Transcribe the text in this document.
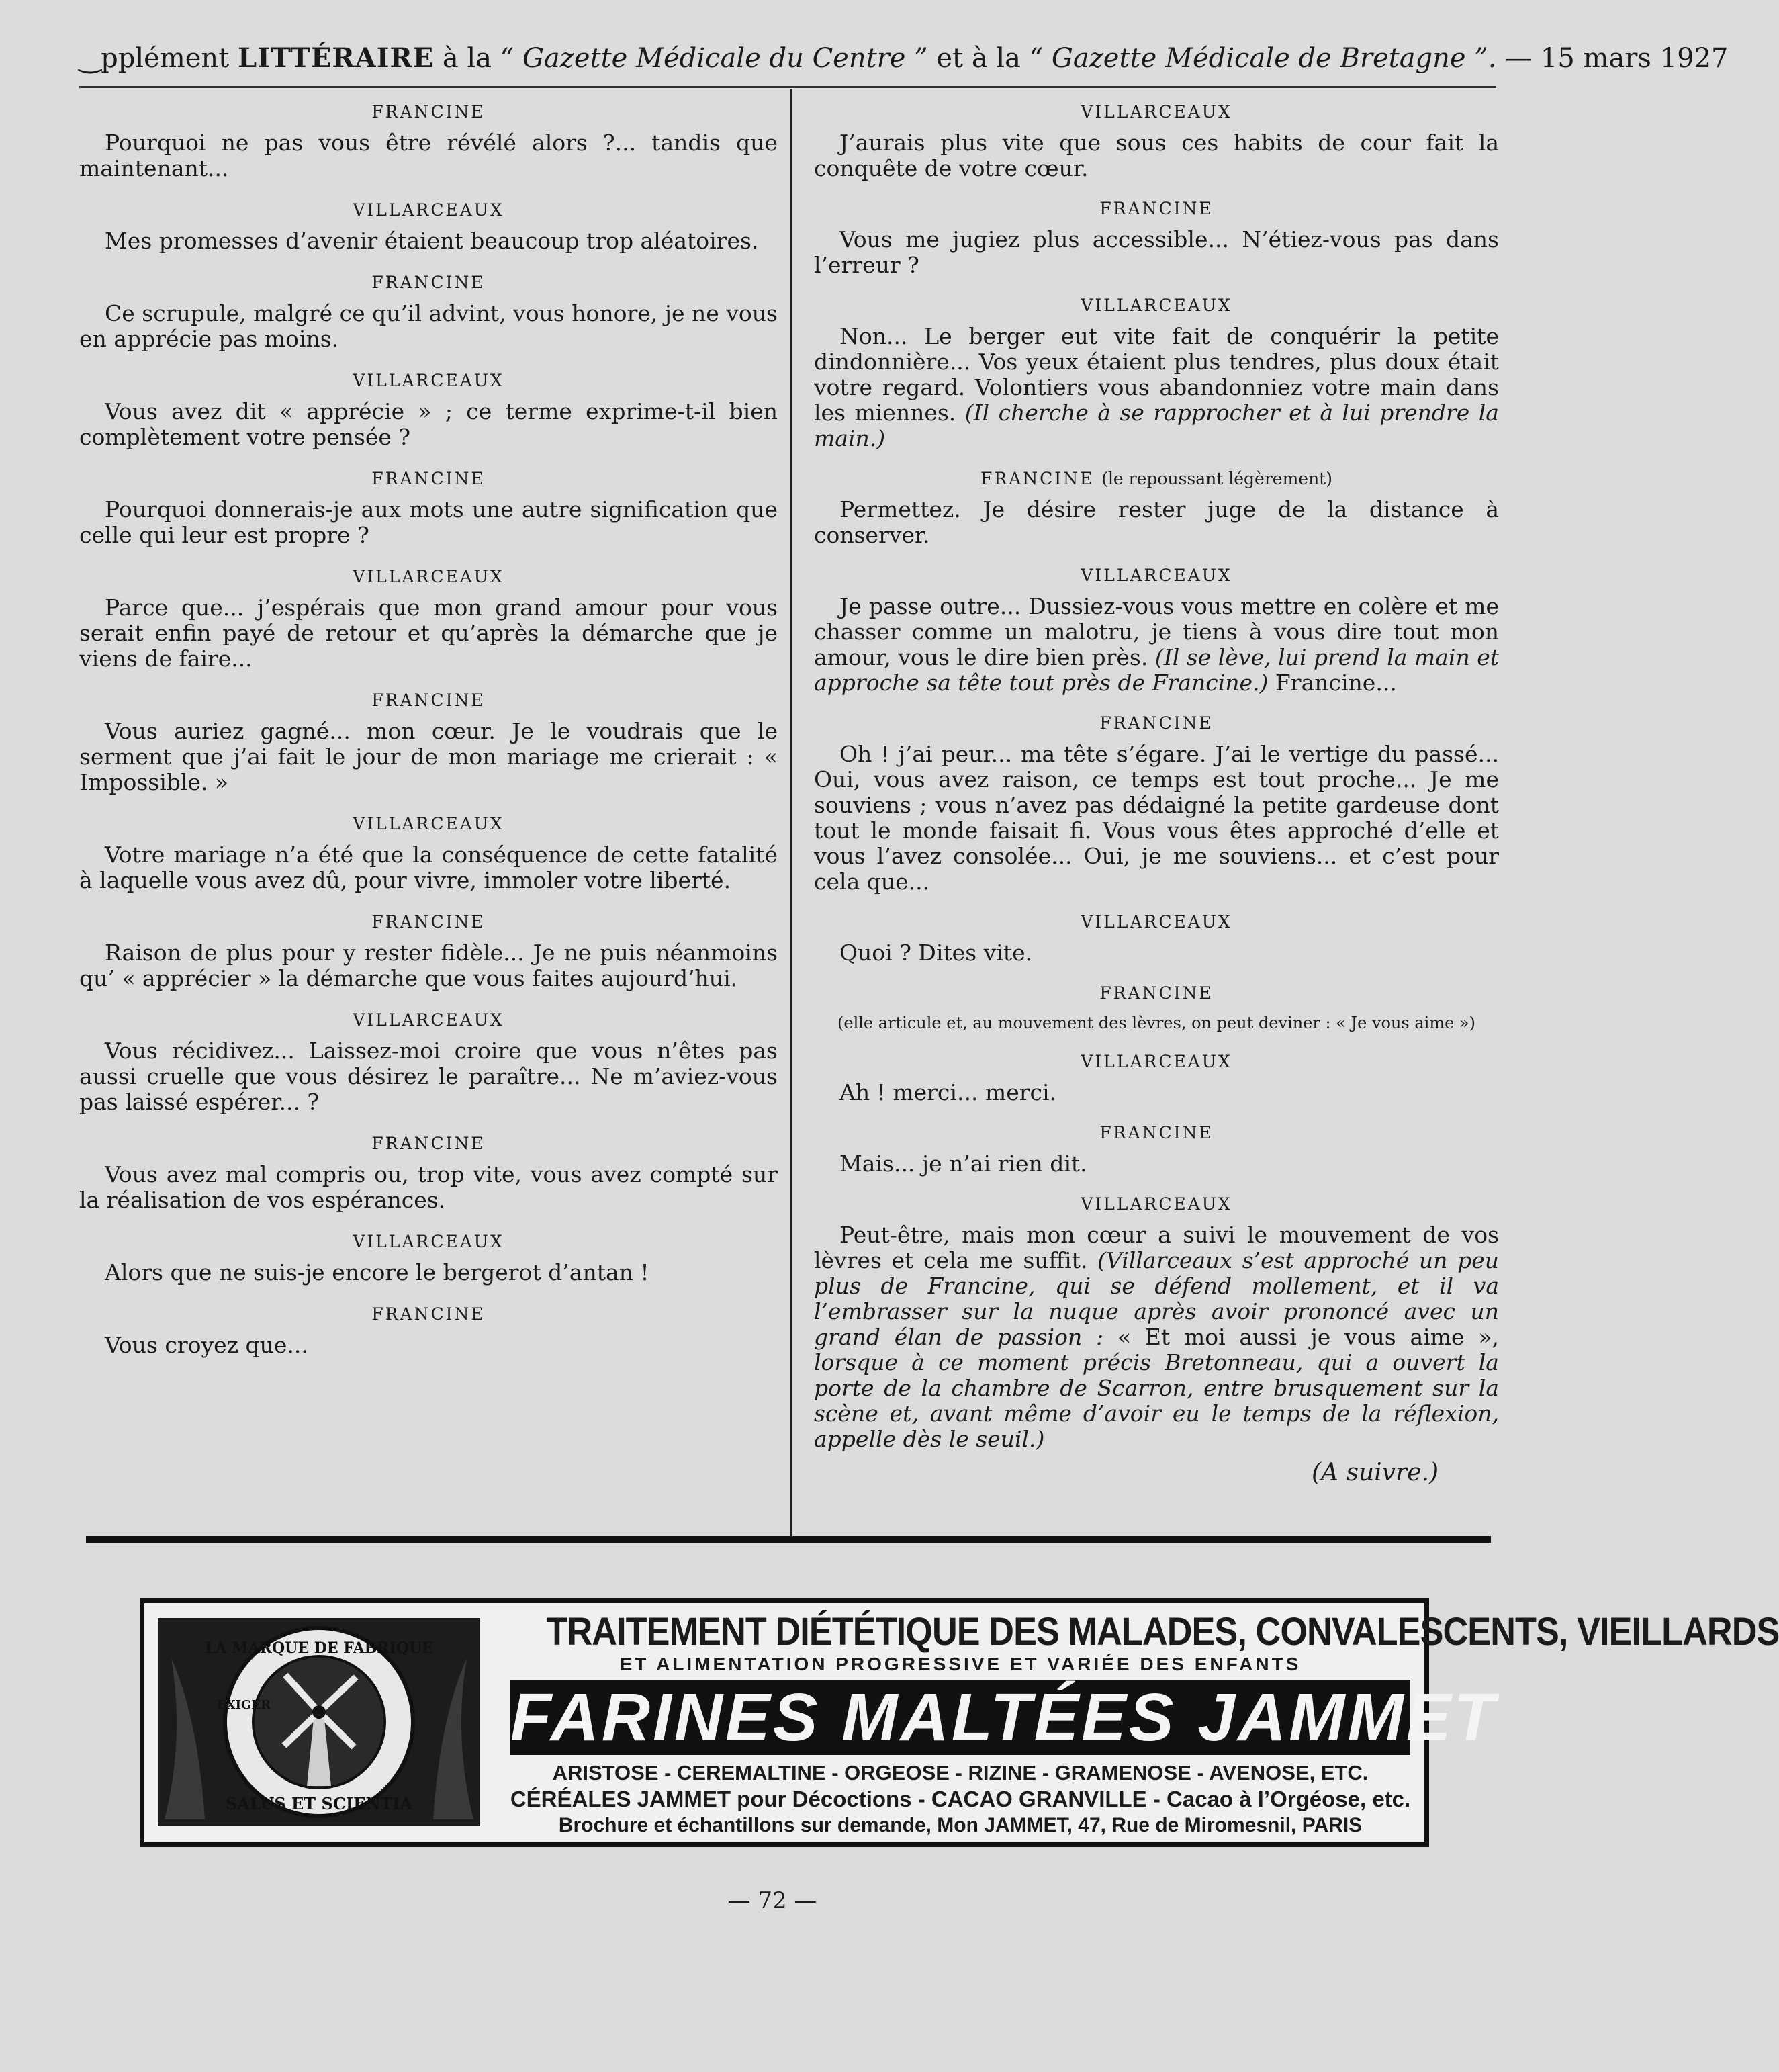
‿pplément LITTÉRAIRE à la “ Gazette Médicale du Centre ” et à la “ Gazette Médicale de Bretagne ”. — 15 mars 1927

FRANCINE

Pourquoi ne pas vous être révélé alors ?... tandis que maintenant...

VILLARCEAUX

Mes promesses d’avenir étaient beaucoup trop aléatoires.

FRANCINE

Ce scrupule, malgré ce qu’il advint, vous honore, je ne vous en apprécie pas moins.

VILLARCEAUX

Vous avez dit « apprécie » ; ce terme exprime-t-il bien complètement votre pensée ?

FRANCINE

Pourquoi donnerais-je aux mots une autre signification que celle qui leur est propre ?

VILLARCEAUX

Parce que... j’espérais que mon grand amour pour vous serait enfin payé de retour et qu’après la démarche que je viens de faire...

FRANCINE

Vous auriez gagné... mon cœur. Je le voudrais que le serment que j’ai fait le jour de mon mariage me crierait : « Impossible. »

VILLARCEAUX

Votre mariage n’a été que la conséquence de cette fatalité à laquelle vous avez dû, pour vivre, immoler votre liberté.

FRANCINE

Raison de plus pour y rester fidèle... Je ne puis néanmoins qu’ « apprécier » la démarche que vous faites aujourd’hui.

VILLARCEAUX

Vous récidivez... Laissez-moi croire que vous n’êtes pas aussi cruelle que vous désirez le paraître... Ne m’aviez-vous pas laissé espérer... ?

FRANCINE

Vous avez mal compris ou, trop vite, vous avez compté sur la réalisation de vos espérances.

VILLARCEAUX

Alors que ne suis-je encore le bergerot d’antan !

FRANCINE

Vous croyez que...

VILLARCEAUX

J’aurais plus vite que sous ces habits de cour fait la conquête de votre cœur.

FRANCINE

Vous me jugiez plus accessible... N’étiez-vous pas dans l’erreur ?

VILLARCEAUX

Non... Le berger eut vite fait de conquérir la petite dindonnière... Vos yeux étaient plus tendres, plus doux était votre regard. Volontiers vous abandonniez votre main dans les miennes. (Il cherche à se rapprocher et à lui prendre la main.)

FRANCINE (le repoussant légèrement)

Permettez. Je désire rester juge de la distance à conserver.

VILLARCEAUX

Je passe outre... Dussiez-vous vous mettre en colère et me chasser comme un malotru, je tiens à vous dire tout mon amour, vous le dire bien près. (Il se lève, lui prend la main et approche sa tête tout près de Francine.) Francine...

FRANCINE

Oh ! j’ai peur... ma tête s’égare. J’ai le vertige du passé... Oui, vous avez raison, ce temps est tout proche... Je me souviens ; vous n’avez pas dédaigné la petite gardeuse dont tout le monde faisait fi. Vous vous êtes approché d’elle et vous l’avez consolée... Oui, je me souviens... et c’est pour cela que...

VILLARCEAUX

Quoi ? Dites vite.

FRANCINE

(elle articule et, au mouvement des lèvres, on peut deviner : « Je vous aime »)

VILLARCEAUX

Ah ! merci... merci.

FRANCINE

Mais... je n’ai rien dit.

VILLARCEAUX

Peut-être, mais mon cœur a suivi le mouvement de vos lèvres et cela me suffit. (Villarceaux s’est approché un peu plus de Francine, qui se défend mollement, et il va l’embrasser sur la nuque après avoir prononcé avec un grand élan de passion : « Et moi aussi je vous aime », lorsque à ce moment précis Bretonneau, qui a ouvert la porte de la chambre de Scarron, entre brusquement sur la scène et, avant même d’avoir eu le temps de la réflexion, appelle dès le seuil.)

(A suivre.)
LA MARQUE DE FABRIQUE
SALUS ET SCIENTIA
EXIGER
TRAITEMENT DIÉTÉTIQUE DES MALADES, CONVALESCENTS, VIEILLARDS
ET ALIMENTATION PROGRESSIVE ET VARIÉE DES ENFANTS
FARINES MALTÉES JAMMET
ARISTOSE - CEREMALTINE - ORGEOSE - RIZINE - GRAMENOSE - AVENOSE, ETC.
CÉRÉALES JAMMET pour Décoctions - CACAO GRANVILLE - Cacao à l’Orgéose, etc.
Brochure et échantillons sur demande, Mon JAMMET, 47, Rue de Miromesnil, PARIS
— 72 —
